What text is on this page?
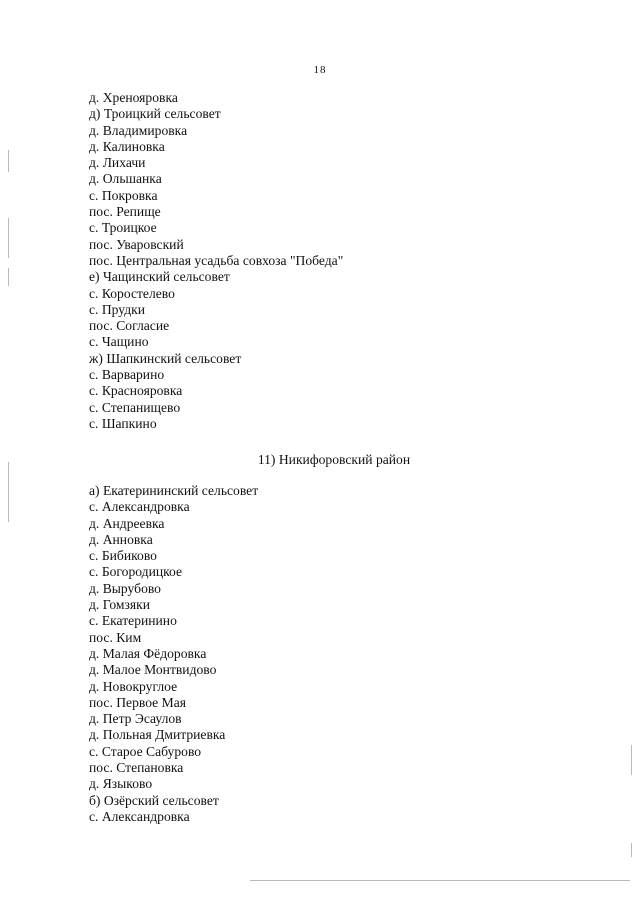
18
д. Хренояровка
д) Троицкий сельсовет
д. Владимировка
д. Калиновка
д. Лихачи
д. Ольшанка
с. Покровка
пос. Репище
с. Троицкое
пос. Уваровский
пос. Центральная усадьба совхоза "Победа"
е) Чащинский сельсовет
с. Коростелево
с. Прудки
пос. Согласие
с. Чащино
ж) Шапкинский сельсовет
с. Варварино
с. Краснояровка
с. Степанищево
с. Шапкино
11) Никифоровский район
а) Екатерининский сельсовет
с. Александровка
д. Андреевка
д. Анновка
с. Бибиково
с. Богородицкое
д. Вырубово
д. Гомзяки
с. Екатеринино
пос. Ким
д. Малая Фёдоровка
д. Малое Монтвидово
д. Новокруглое
пос. Первое Мая
д. Петр Эсаулов
д. Польная Дмитриевка
с. Старое Сабурово
пос. Степановка
д. Языково
б) Озёрский сельсовет
с. Александровка
